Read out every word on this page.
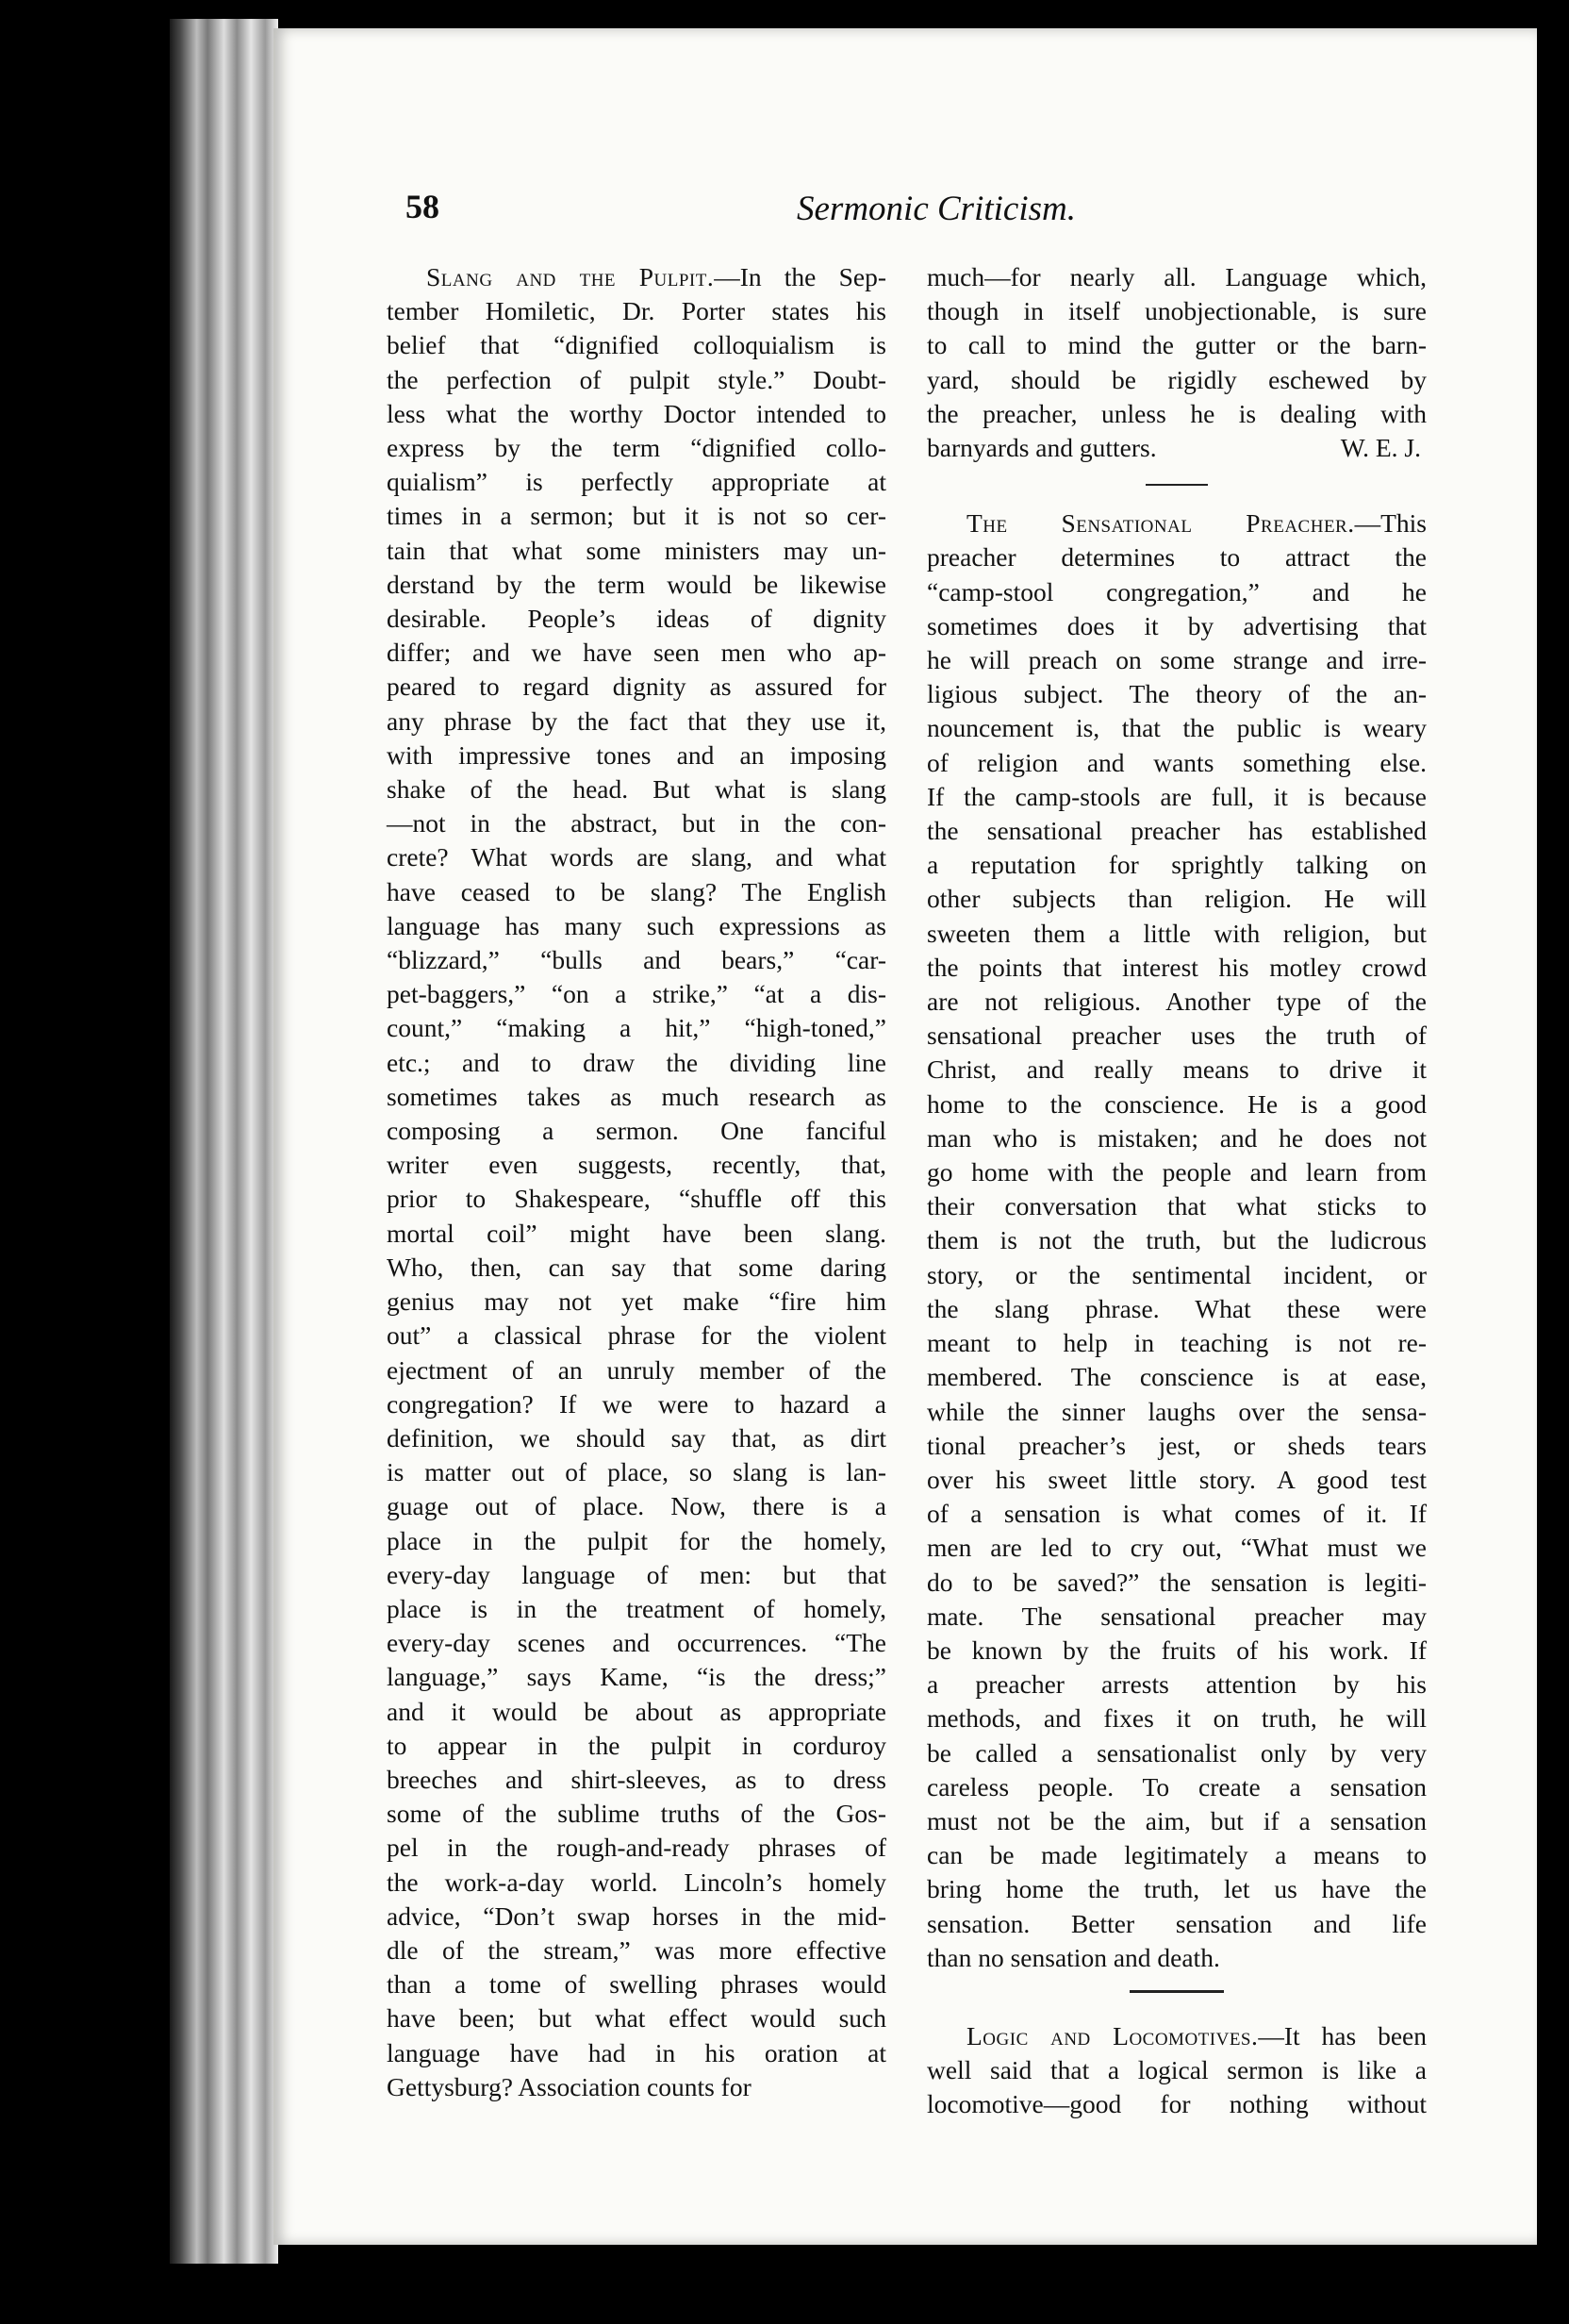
58	Sermonic Criticism.
Slang and the Pulpit.—In the Sep-
tember Homiletic, Dr. Porter states his
belief that “dignified colloquialism is
the perfection of pulpit style.” Doubt-
less what the worthy Doctor intended to
express by the term “dignified collo-
quialism” is perfectly appropriate at
times in a sermon; but it is not so cer-
tain that what some ministers may un-
derstand by the term would be likewise
desirable. People’s ideas of dignity
differ; and we have seen men who ap-
peared to regard dignity as assured for
any phrase by the fact that they use it,
with impressive tones and an imposing
shake of the head. But what is slang
—not in the abstract, but in the con-
crete? What words are slang, and what
have ceased to be slang? The English
language has many such expressions as
“blizzard,” “bulls and bears,” “car-
pet-baggers,” “on a strike,” “at a dis-
count,” “making a hit,” “high-toned,”
etc.; and to draw the dividing line
sometimes takes as much research as
composing a sermon. One fanciful
writer even suggests, recently, that,
prior to Shakespeare, “shuffle off this
mortal coil” might have been slang.
Who, then, can say that some daring
genius may not yet make “fire him
out” a classical phrase for the violent
ejectment of an unruly member of the
congregation? If we were to hazard a
definition, we should say that, as dirt
is matter out of place, so slang is lan-
guage out of place. Now, there is a
place in the pulpit for the homely,
every-day language of men: but that
place is in the treatment of homely,
every-day scenes and occurrences. “The
language,” says Kame, “is the dress;”
and it would be about as appropriate
to appear in the pulpit in corduroy
breeches and shirt-sleeves, as to dress
some of the sublime truths of the Gos-
pel in the rough-and-ready phrases of
the work-a-day world. Lincoln’s homely
advice, “Don’t swap horses in the mid-
dle of the stream,” was more effective
than a tome of swelling phrases would
have been; but what effect would such
language have had in his oration at
Gettysburg? Association counts for
much—for nearly all. Language which,
though in itself unobjectionable, is sure
to call to mind the gutter or the barn-
yard, should be rigidly eschewed by
the preacher, unless he is dealing with
barnyards and gutters.	W. E. J.
The Sensational Preacher.—This
preacher determines to attract the
“camp-stool congregation,” and he
sometimes does it by advertising that
he will preach on some strange and irre-
ligious subject. The theory of the an-
nouncement is, that the public is weary
of religion and wants something else.
If the camp-stools are full, it is because
the sensational preacher has established
a reputation for sprightly talking on
other subjects than religion. He will
sweeten them a little with religion, but
the points that interest his motley crowd
are not religious. Another type of the
sensational preacher uses the truth of
Christ, and really means to drive it
home to the conscience. He is a good
man who is mistaken; and he does not
go home with the people and learn from
their conversation that what sticks to
them is not the truth, but the ludicrous
story, or the sentimental incident, or
the slang phrase. What these were
meant to help in teaching is not re-
membered. The conscience is at ease,
while the sinner laughs over the sensa-
tional preacher’s jest, or sheds tears
over his sweet little story. A good test
of a sensation is what comes of it. If
men are led to cry out, “What must we
do to be saved?” the sensation is legiti-
mate. The sensational preacher may
be known by the fruits of his work. If
a preacher arrests attention by his
methods, and fixes it on truth, he will
be called a sensationalist only by very
careless people. To create a sensation
must not be the aim, but if a sensation
can be made legitimately a means to
bring home the truth, let us have the
sensation. Better sensation and life
than no sensation and death.
Logic and Locomotives.—It has been
well said that a logical sermon is like a
locomotive—good for nothing without
